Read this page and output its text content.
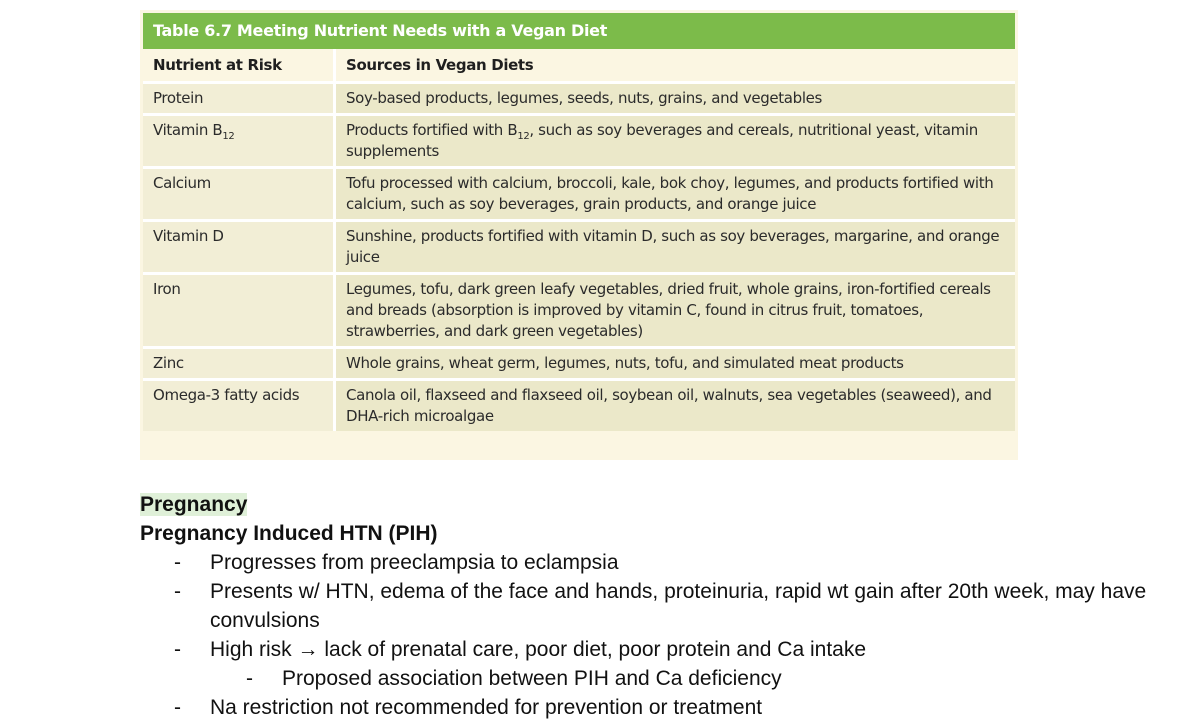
Table 6.7 Meeting Nutrient Needs with a Vegan Diet
Nutrient at Risk	Sources in Vegan Diets
Protein	Soy-based products, legumes, seeds, nuts, grains, and vegetables
Vitamin $B_{12}$	Products fortified with $B_{12}$, such as soy beverages and cereals, nutritional yeast, vitamin supplements
Calcium	Tofu processed with calcium, broccoli, kale, bok choy, legumes, and products fortified with calcium, such as soy beverages, grain products, and orange juice
Vitamin D	Sunshine, products fortified with vitamin D, such as soy beverages, margarine, and orange juice
Iron	Legumes, tofu, dark green leafy vegetables, dried fruit, whole grains, iron-fortified cereals and breads (absorption is improved by vitamin C, found in citrus fruit, tomatoes, strawberries, and dark green vegetables)
Zinc	Whole grains, wheat germ, legumes, nuts, tofu, and simulated meat products
Omega-3 fatty acids	Canola oil, flaxseed and flaxseed oil, soybean oil, walnuts, sea vegetables (seaweed), and DHA-rich microalgae

Pregnancy

Pregnancy Induced HTN (PIH)

- Progresses from preeclampsia to eclampsia
- Presents w/ HTN, edema of the face and hands, proteinuria, rapid wt gain after 20th week, may have convulsions
- High risk → lack of prenatal care, poor diet, poor protein and Ca intake
- Proposed association between PIH and Ca deficiency
- Na restriction not recommended for prevention or treatment
